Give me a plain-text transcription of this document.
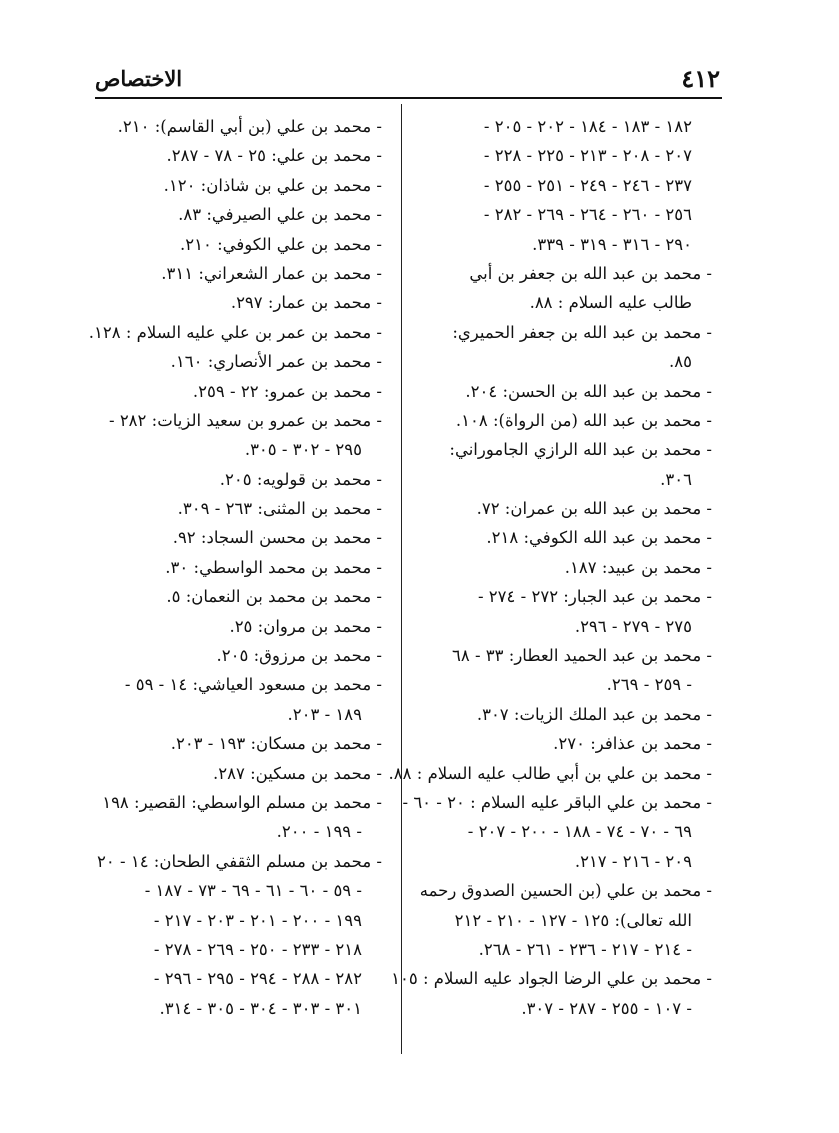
٤١٢
الاختصاص
١٨٢ - ١٨٣ - ١٨٤ - ٢٠٢ - ٢٠٥ -
٢٠٧ - ٢٠٨ - ٢١٣ - ٢٢٥ - ٢٢٨ -
٢٣٧ - ٢٤٦ - ٢٤٩ - ٢٥١ - ٢٥٥ -
٢٥٦ - ٢٦٠ - ٢٦٤ - ٢٦٩ - ٢٨٢ -
٢٩٠ - ٣١٦ - ٣١٩ - ٣٣٩.
- محمد بن عبد الله بن جعفر بن أبي
طالب عليه السلام : ٨٨.
- محمد بن عبد الله بن جعفر الحميري:
٨٥.
- محمد بن عبد الله بن الحسن: ٢٠٤.
- محمد بن عبد الله (من الرواة): ١٠٨.
- محمد بن عبد الله الرازي الجاموراني:
٣٠٦.
- محمد بن عبد الله بن عمران: ٧٢.
- محمد بن عبد الله الكوفي: ٢١٨.
- محمد بن عبيد: ١٨٧.
- محمد بن عبد الجبار: ٢٧٢ - ٢٧٤ -
٢٧٥ - ٢٧٩ - ٢٩٦.
- محمد بن عبد الحميد العطار: ٣٣ - ٦٨
- ٢٥٩ - ٢٦٩.
- محمد بن عبد الملك الزيات: ٣٠٧.
- محمد بن عذافر: ٢٧٠.
- محمد بن علي بن أبي طالب عليه السلام : ٨٨.
- محمد بن علي الباقر عليه السلام : ٢٠ - ٦٠ -
٦٩ - ٧٠ - ٧٤ - ١٨٨ - ٢٠٠ - ٢٠٧ -
٢٠٩ - ٢١٦ - ٢١٧.
- محمد بن علي (بن الحسين الصدوق رحمه
الله تعالى): ١٢٥ - ١٢٧ - ٢١٠ - ٢١٢
- ٢١٤ - ٢١٧ - ٢٣٦ - ٢٦١ - ٢٦٨.
- محمد بن علي الرضا الجواد عليه السلام : ١٠٥
- ١٠٧ - ٢٥٥ - ٢٨٧ - ٣٠٧.
- محمد بن علي (بن أبي القاسم): ٢١٠.
- محمد بن علي: ٢٥ - ٧٨ - ٢٨٧.
- محمد بن علي بن شاذان: ١٢٠.
- محمد بن علي الصيرفي: ٨٣.
- محمد بن علي الكوفي: ٢١٠.
- محمد بن عمار الشعراني: ٣١١.
- محمد بن عمار: ٢٩٧.
- محمد بن عمر بن علي عليه السلام : ١٢٨.
- محمد بن عمر الأنصاري: ١٦٠.
- محمد بن عمرو: ٢٢ - ٢٥٩.
- محمد بن عمرو بن سعيد الزيات: ٢٨٢ -
٢٩٥ - ٣٠٢ - ٣٠٥.
- محمد بن قولويه: ٢٠٥.
- محمد بن المثنى: ٢٦٣ - ٣٠٩.
- محمد بن محسن السجاد: ٩٢.
- محمد بن محمد الواسطي: ٣٠.
- محمد بن محمد بن النعمان: ٥.
- محمد بن مروان: ٢٥.
- محمد بن مرزوق: ٢٠٥.
- محمد بن مسعود العياشي: ١٤ - ٥٩ -
١٨٩ - ٢٠٣.
- محمد بن مسكان: ١٩٣ - ٢٠٣.
- محمد بن مسكين: ٢٨٧.
- محمد بن مسلم الواسطي: القصير: ١٩٨
- ١٩٩ - ٢٠٠.
- محمد بن مسلم الثقفي الطحان: ١٤ - ٢٠
- ٥٩ - ٦٠ - ٦١ - ٦٩ - ٧٣ - ١٨٧ -
١٩٩ - ٢٠٠ - ٢٠١ - ٢٠٣ - ٢١٧ -
٢١٨ - ٢٣٣ - ٢٥٠ - ٢٦٩ - ٢٧٨ -
٢٨٢ - ٢٨٨ - ٢٩٤ - ٢٩٥ - ٢٩٦ -
٣٠١ - ٣٠٣ - ٣٠٤ - ٣٠٥ - ٣١٤.
